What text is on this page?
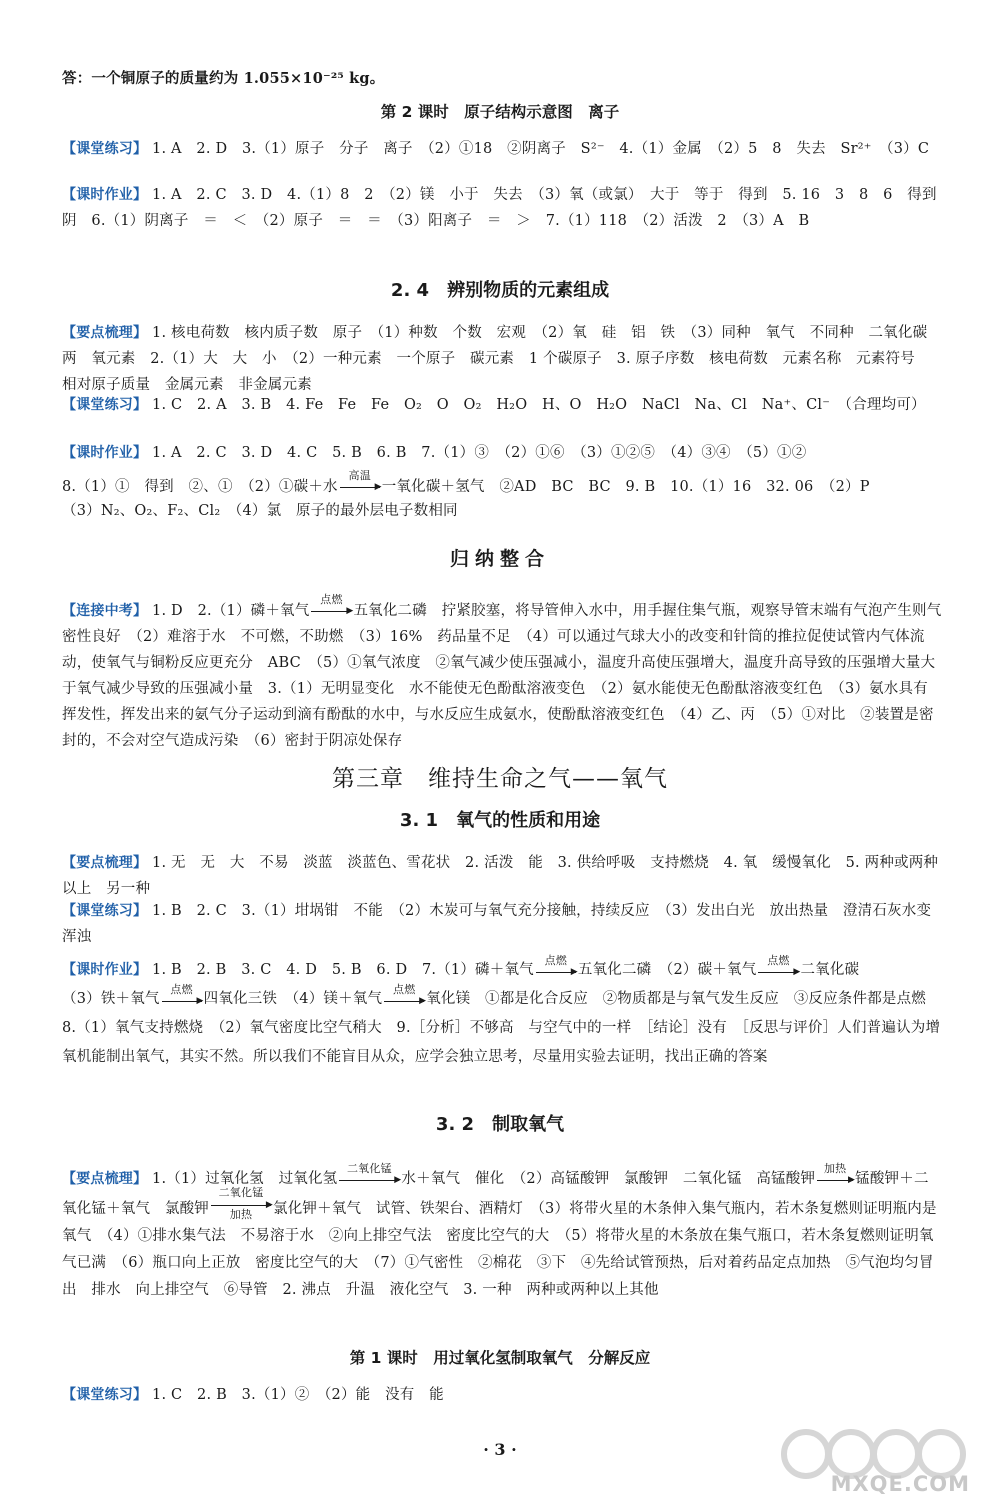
答：一个铜原子的质量约为 1.055×10⁻²⁵ kg。

第 2 课时　原子结构示意图　离子

【课堂练习】 1. A　2. D　3.（1）原子　分子　离子　（2）①18　②阴离子　S²⁻　4.（1）金属　（2）5　8　失去　Sr²⁺　（3）C

【课时作业】 1. A　2. C　3. D　4.（1）8　2　（2）镁　小于　失去　（3）氧（或氯）　大于　等于　得到　5. 16　3　8　6　得到　阴　6.（1）阴离子　＝　＜　（2）原子　＝　＝　（3）阳离子　＝　＞　7.（1）118　（2）活泼　2　（3）A　B

2. 4　辨别物质的元素组成

【要点梳理】 1. 核电荷数　核内质子数　原子　（1）种数　个数　宏观　（2）氧　硅　铝　铁　（3）同种　氧气　不同种　二氧化碳　两　氧元素　2.（1）大　大　小　（2）一种元素　一个原子　碳元素　1 个碳原子　3. 原子序数　核电荷数　元素名称　元素符号　相对原子质量　金属元素　非金属元素

【课堂练习】 1. C　2. A　3. B　4. Fe　Fe　Fe　O₂　O　O₂　H₂O　H、O　H₂O　NaCl　Na、Cl　Na⁺、Cl⁻　（合理均可）

【课时作业】 1. A　2. C　3. D　4. C　5. B　6. B　7.（1）③　（2）①⑥　（3）①②⑤　（4）③④　（5）①②

8.（1）①　得到　②、①　（2）①碳＋水
高温
▶ 一氧化碳＋氢气　②AD　BC　BC　9. B　10.（1）16　32. 06　（2）P

（3）N₂、O₂、F₂、Cl₂　（4）氯　原子的最外层电子数相同

归纳整合

【连接中考】 1. D　2.（1）磷＋氧气
点燃
▶ 五氧化二磷　拧紧胶塞，将导管伸入水中，用手握住集气瓶，观察导管末端有气泡产生则气密性良好　（2）难溶于水　不可燃，不助燃　（3）16%　药品量不足　（4）可以通过气球大小的改变和针筒的推拉促使试管内气体流动，使氧气与铜粉反应更充分　ABC　（5）①氧气浓度　②氧气减少使压强减小，温度升高使压强增大，温度升高导致的压强增大量大于氧气减少导致的压强减小量　3.（1）无明显变化　水不能使无色酚酞溶液变色　（2）氨水能使无色酚酞溶液变红色　（3）氨水具有挥发性，挥发出来的氨气分子运动到滴有酚酞的水中，与水反应生成氨水，使酚酞溶液变红色　（4）乙、丙　（5）①对比　②装置是密封的，不会对空气造成污染　（6）密封于阴凉处保存

第三章　维持生命之气——氧气

3. 1　氧气的性质和用途

【要点梳理】 1. 无　无　大　不易　淡蓝　淡蓝色、雪花状　2. 活泼　能　3. 供给呼吸　支持燃烧　4. 氧　缓慢氧化　5. 两种或两种以上　另一种

【课堂练习】 1. B　2. C　3.（1）坩埚钳　不能　（2）木炭可与氧气充分接触，持续反应　（3）发出白光　放出热量　澄清石灰水变浑浊

【课时作业】 1. B　2. B　3. C　4. D　5. B　6. D　7.（1）磷＋氧气
点燃
▶ 五氧化二磷　（2）碳＋氧气
点燃
▶ 二氧化碳
（3）铁＋氧气
点燃
▶ 四氧化三铁　（4）镁＋氧气
点燃
▶ 氧化镁　①都是化合反应　②物质都是与氧气发生反应　③反应条件都是点燃　8.（1）氧气支持燃烧　（2）氧气密度比空气稍大　9.［分析］不够高　与空气中的一样　［结论］没有　［反思与评价］人们普遍认为增氧机能制出氧气，其实不然。所以我们不能盲目从众，应学会独立思考，尽量用实验去证明，找出正确的答案

3. 2　制取氧气

【要点梳理】 1.（1）过氧化氢　过氧化氢
二氧化锰
▶ 水＋氧气　催化　（2）高锰酸钾　氯酸钾　二氧化锰　高锰酸钾
加热
▶ 锰酸钾＋二氧化锰＋氧气　氯酸钾
二氧化锰
▶
加热	氯化钾＋氧气　试管、铁架台、酒精灯　（3）将带火星的木条伸入集气瓶内，若木条复燃则证明瓶内是氧气　（4）①排水集气法　不易溶于水　②向上排空气法　密度比空气的大　（5）将带火星的木条放在集气瓶口，若木条复燃则证明氧气已满　（6）瓶口向上正放　密度比空气的大　（7）①气密性　②棉花　③下　④先给试管预热，后对着药品定点加热　⑤气泡均匀冒出　排水　向上排空气　⑥导管　2. 沸点　升温　液化空气　3. 一种　两种或两种以上其他

第 1 课时　用过氧化氢制取氧气　分解反应

【课堂练习】 1. C　2. B　3.（1）②　（2）能　没有　能

· 3 ·
MXQE.COM
